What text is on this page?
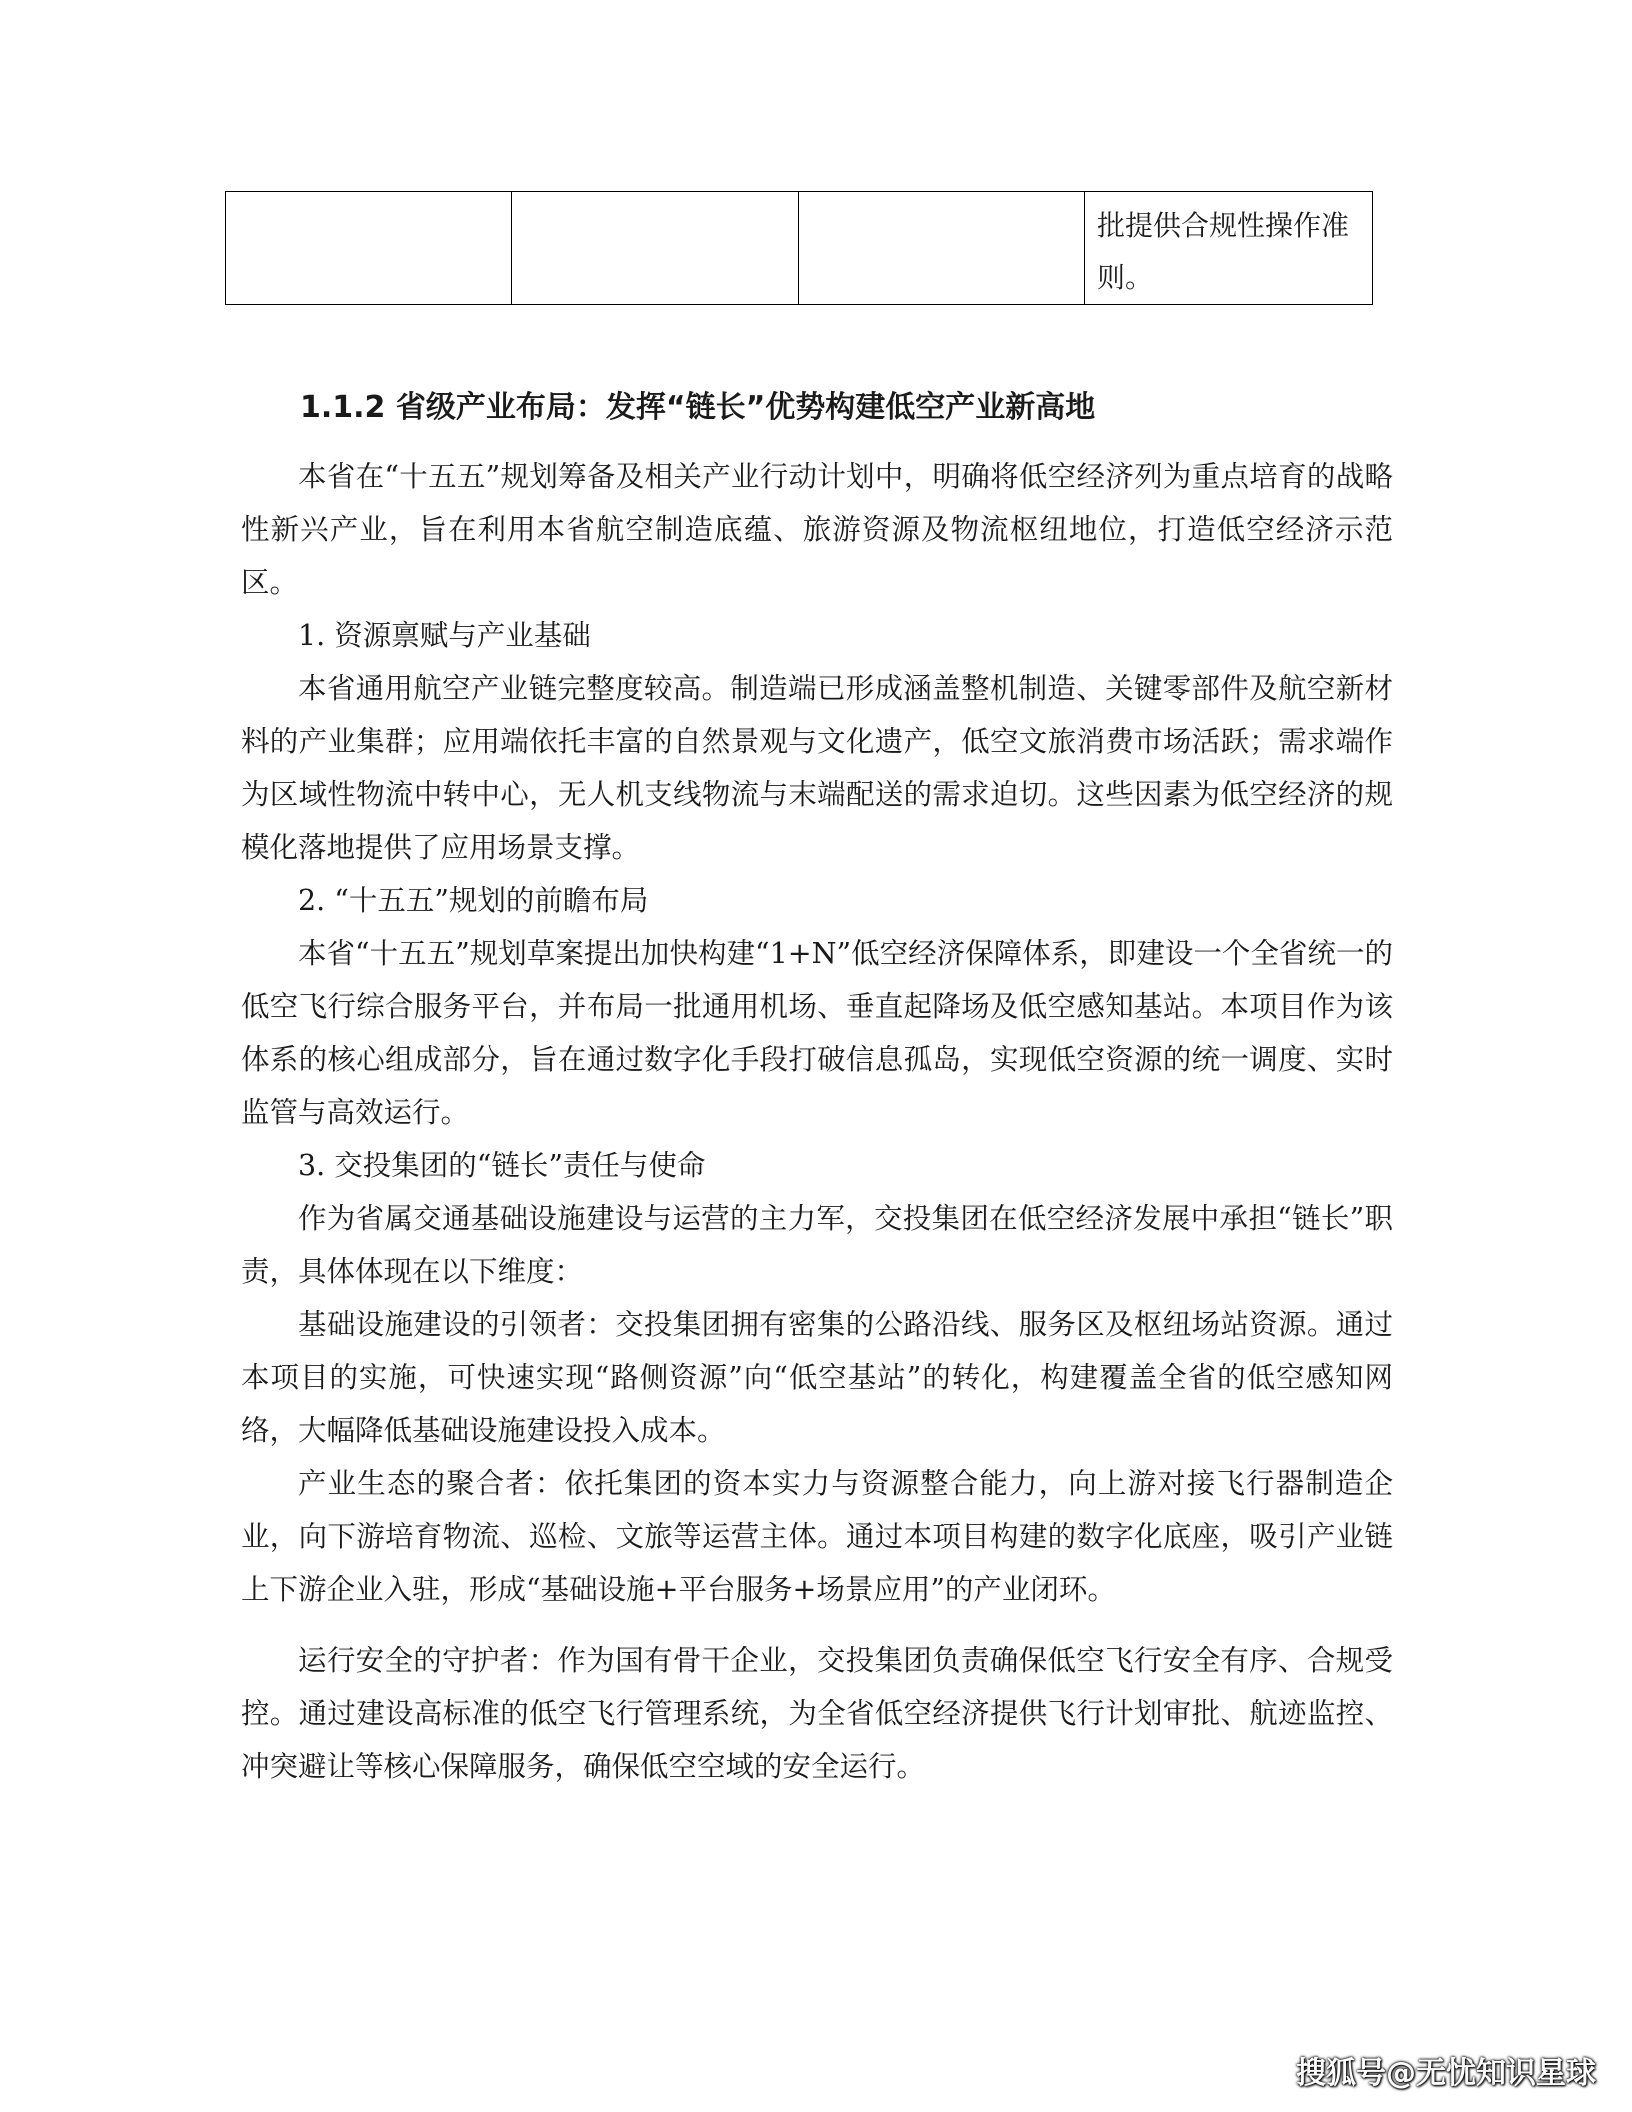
			批提供合规性操作准则。
1.1.2 省级产业布局：发挥“链长”优势构建低空产业新高地

本省在“十五五”规划筹备及相关产业行动计划中，明确将低空经济列为重点培育的战略性新兴产业，旨在利用本省航空制造底蕴、旅游资源及物流枢纽地位，打造低空经济示范区。

1. 资源禀赋与产业基础

本省通用航空产业链完整度较高。制造端已形成涵盖整机制造、关键零部件及航空新材料的产业集群；应用端依托丰富的自然景观与文化遗产，低空文旅消费市场活跃；需求端作为区域性物流中转中心，无人机支线物流与末端配送的需求迫切。这些因素为低空经济的规模化落地提供了应用场景支撑。

2. “十五五”规划的前瞻布局

本省“十五五”规划草案提出加快构建“1+N”低空经济保障体系，即建设一个全省统一的低空飞行综合服务平台，并布局一批通用机场、垂直起降场及低空感知基站。本项目作为该体系的核心组成部分，旨在通过数字化手段打破信息孤岛，实现低空资源的统一调度、实时监管与高效运行。

3. 交投集团的“链长”责任与使命

作为省属交通基础设施建设与运营的主力军，交投集团在低空经济发展中承担“链长”职责，具体体现在以下维度：

基础设施建设的引领者：交投集团拥有密集的公路沿线、服务区及枢纽场站资源。通过本项目的实施，可快速实现“路侧资源”向“低空基站”的转化，构建覆盖全省的低空感知网络，大幅降低基础设施建设投入成本。

产业生态的聚合者：依托集团的资本实力与资源整合能力，向上游对接飞行器制造企业，向下游培育物流、巡检、文旅等运营主体。通过本项目构建的数字化底座，吸引产业链上下游企业入驻，形成“基础设施+平台服务+场景应用”的产业闭环。

运行安全的守护者：作为国有骨干企业，交投集团负责确保低空飞行安全有序、合规受控。通过建设高标准的低空飞行管理系统，为全省低空经济提供飞行计划审批、航迹监控、冲突避让等核心保障服务，确保低空空域的安全运行。

搜狐号@无忧知识星球
